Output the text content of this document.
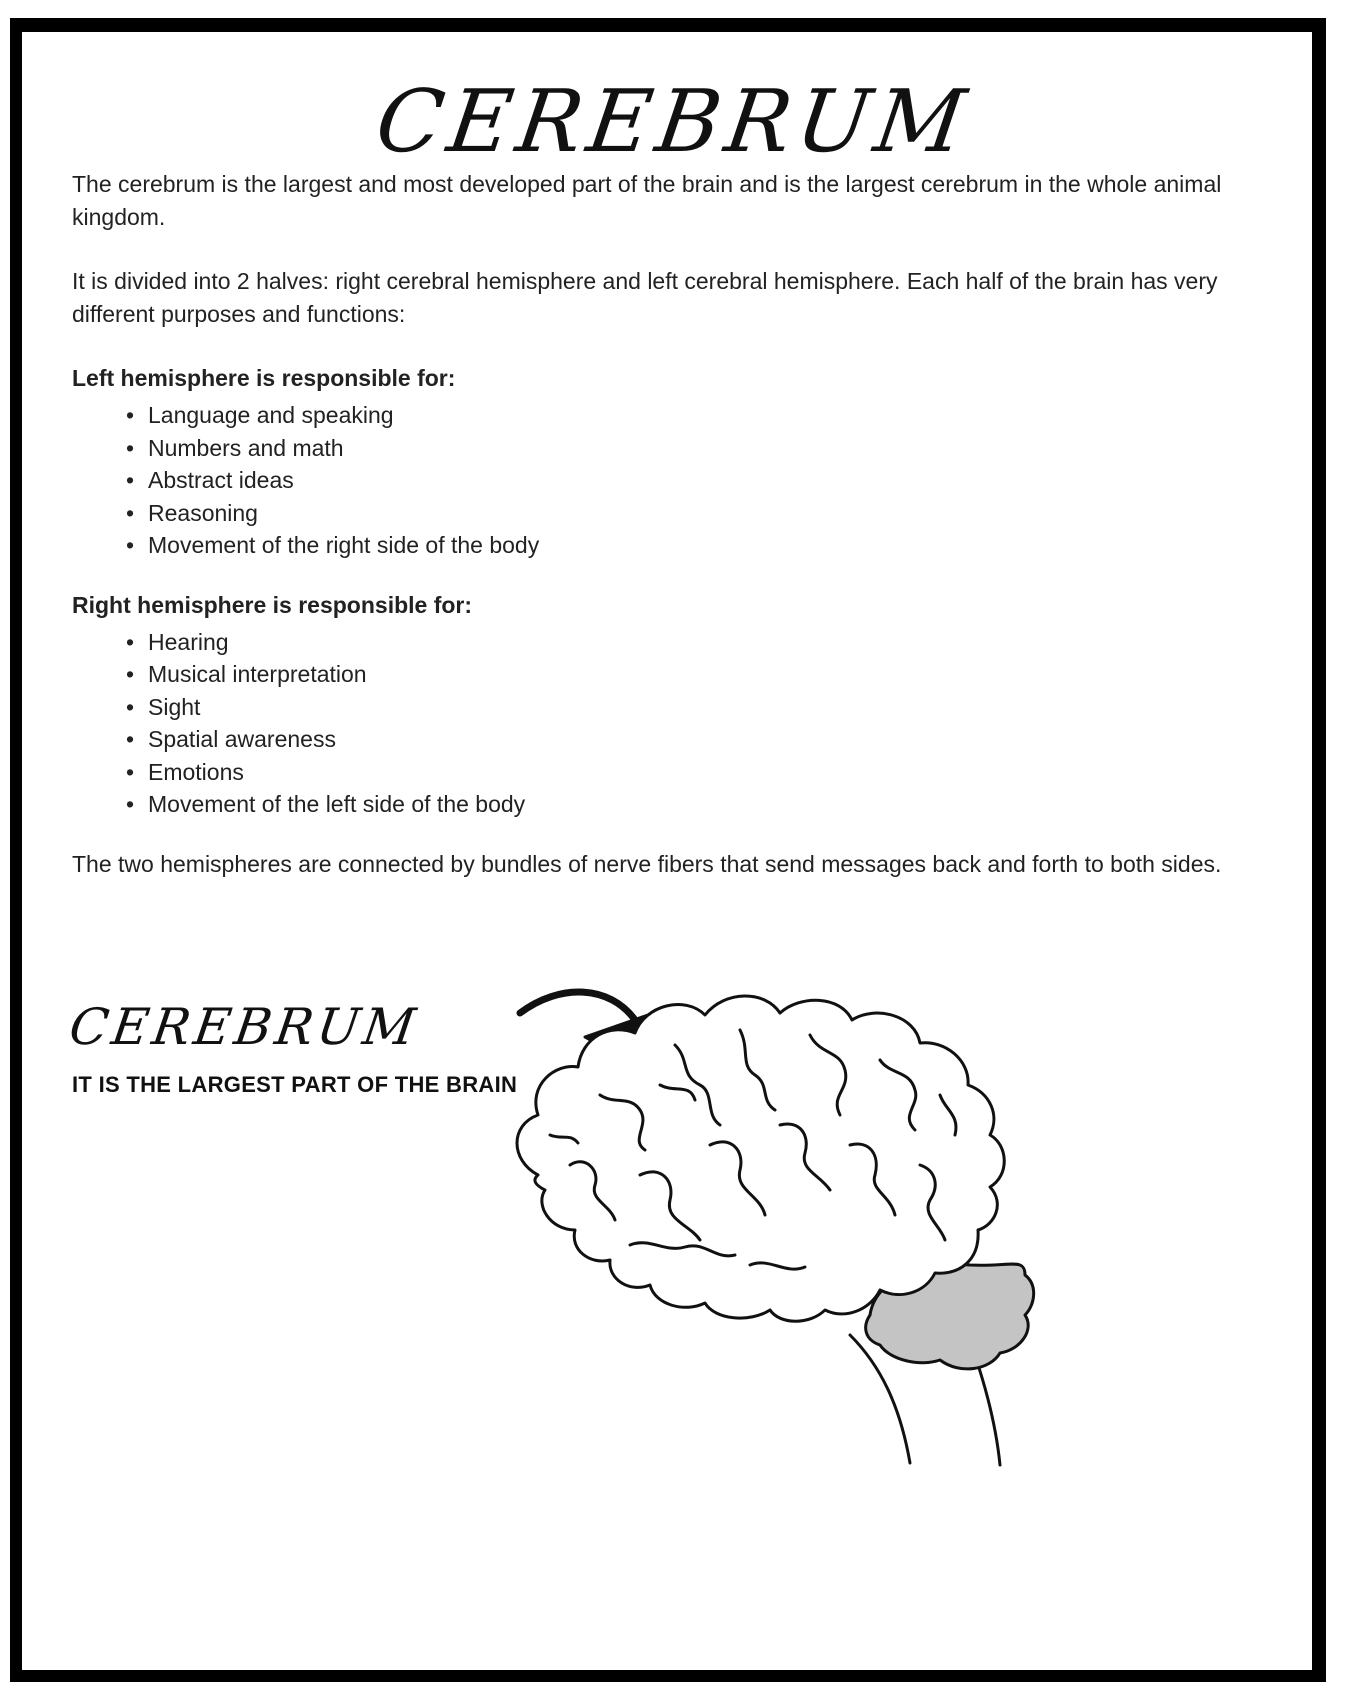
CEREBRUM

The cerebrum is the largest and most developed part of the brain and is the largest cerebrum in the whole animal kingdom.

It is divided into 2 halves: right cerebral hemisphere and left cerebral hemisphere. Each half of the brain has very different purposes and functions:

Left hemisphere is responsible for:

• Language and speaking
• Numbers and math
• Abstract ideas
• Reasoning
• Movement of the right side of the body

Right hemisphere is responsible for:

• Hearing
• Musical interpretation
• Sight
• Spatial awareness
• Emotions
• Movement of the left side of the body

The two hemispheres are connected by bundles of nerve fibers that send messages back and forth to both sides.

CEREBRUM
IT IS THE LARGEST PART OF THE BRAIN
